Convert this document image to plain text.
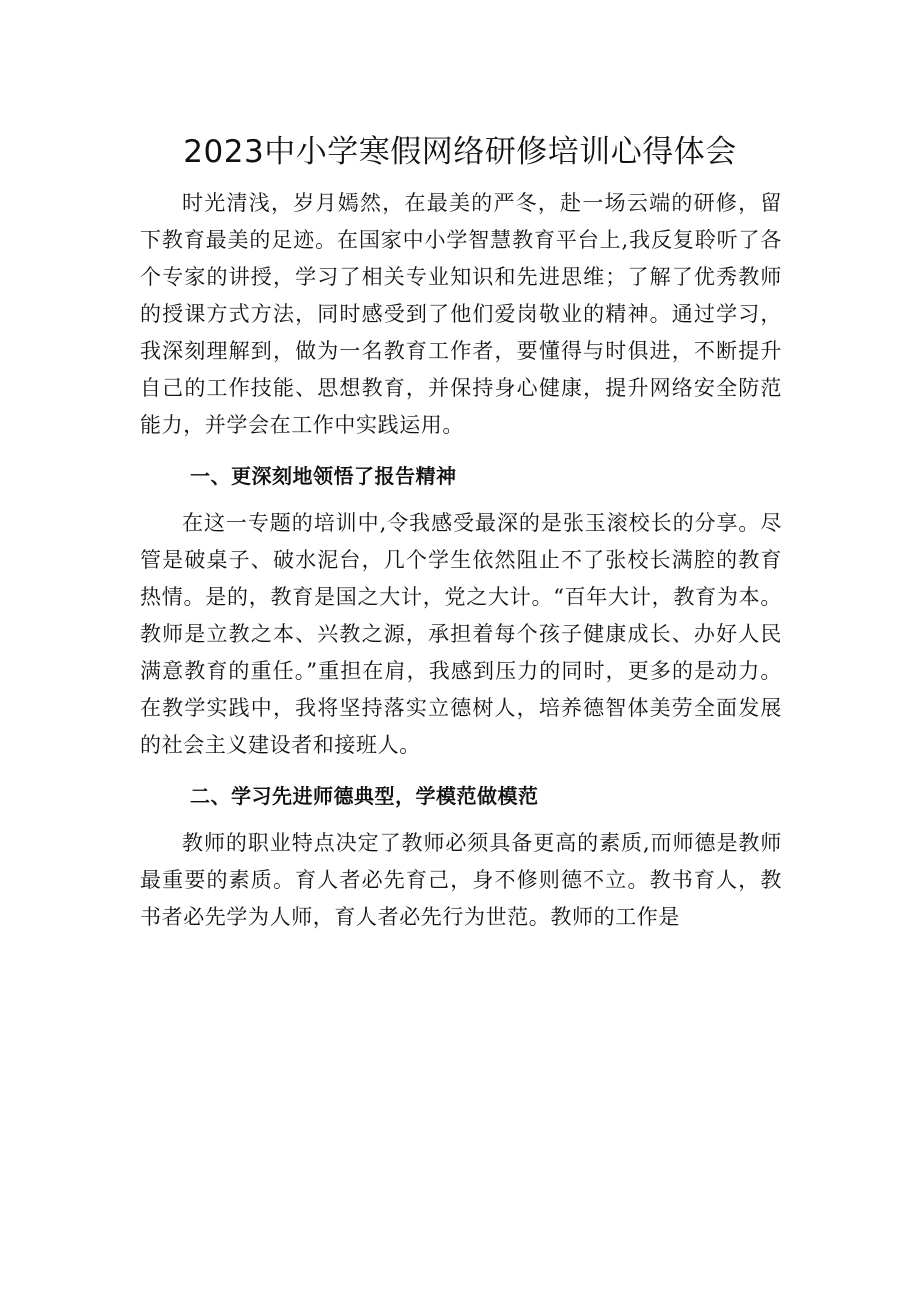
2023中小学寒假网络研修培训心得体会

时光清浅，岁月嫣然，在最美的严冬，赴一场云端的研修，留下教育最美的足迹。在国家中小学智慧教育平台上,我反复聆听了各个专家的讲授，学习了相关专业知识和先进思维；了解了优秀教师的授课方式方法，同时感受到了他们爱岗敬业的精神。通过学习，我深刻理解到，做为一名教育工作者，要懂得与时俱进，不断提升自己的工作技能、思想教育，并保持身心健康，提升网络安全防范能力，并学会在工作中实践运用。

一、更深刻地领悟了报告精神

在这一专题的培训中,令我感受最深的是张玉滚校长的分享。尽管是破桌子、破水泥台，几个学生依然阻止不了张校长满腔的教育热情。是的，教育是国之大计，党之大计。“百年大计，教育为本。教师是立教之本、兴教之源，承担着每个孩子健康成长、办好人民满意教育的重任。”重担在肩，我感到压力的同时，更多的是动力。在教学实践中，我将坚持落实立德树人，培养德智体美劳全面发展的社会主义建设者和接班人。

二、学习先进师德典型，学模范做模范

教师的职业特点决定了教师必须具备更高的素质,而师德是教师最重要的素质。育人者必先育己，身不修则德不立。教书育人，教书者必先学为人师，育人者必先行为世范。教师的工作是
